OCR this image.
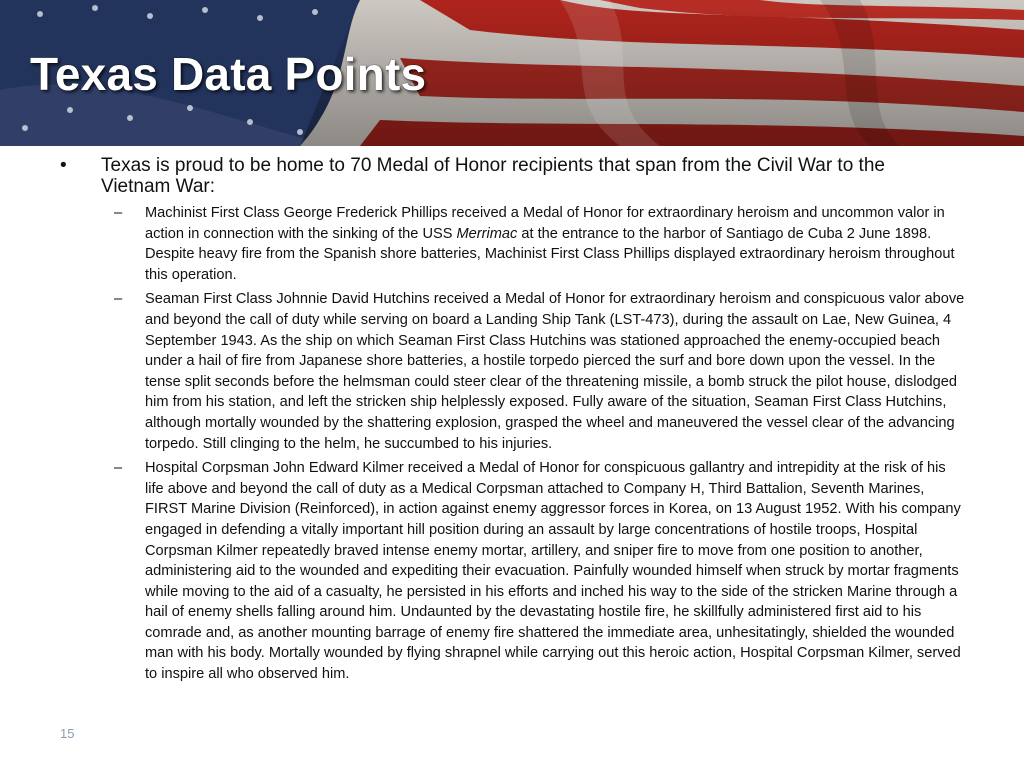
Texas Data Points
• Texas is proud to be home to 70 Medal of Honor recipients that span from the Civil War to the Vietnam War:
– Machinist First Class George Frederick Phillips received a Medal of Honor for extraordinary heroism and uncommon valor in action in connection with the sinking of the USS Merrimac at the entrance to the harbor of Santiago de Cuba 2 June 1898. Despite heavy fire from the Spanish shore batteries, Machinist First Class Phillips displayed extraordinary heroism throughout this operation.
– Seaman First Class Johnnie David Hutchins received a Medal of Honor for extraordinary heroism and conspicuous valor above and beyond the call of duty while serving on board a Landing Ship Tank (LST-473), during the assault on Lae, New Guinea, 4 September 1943. As the ship on which Seaman First Class Hutchins was stationed approached the enemy-occupied beach under a hail of fire from Japanese shore batteries, a hostile torpedo pierced the surf and bore down upon the vessel. In the tense split seconds before the helmsman could steer clear of the threatening missile, a bomb struck the pilot house, dislodged him from his station, and left the stricken ship helplessly exposed. Fully aware of the situation, Seaman First Class Hutchins, although mortally wounded by the shattering explosion, grasped the wheel and maneuvered the vessel clear of the advancing torpedo. Still clinging to the helm, he succumbed to his injuries.
– Hospital Corpsman John Edward Kilmer received a Medal of Honor for conspicuous gallantry and intrepidity at the risk of his life above and beyond the call of duty as a Medical Corpsman attached to Company H, Third Battalion, Seventh Marines, FIRST Marine Division (Reinforced), in action against enemy aggressor forces in Korea, on 13 August 1952. With his company engaged in defending a vitally important hill position during an assault by large concentrations of hostile troops, Hospital Corpsman Kilmer repeatedly braved intense enemy mortar, artillery, and sniper fire to move from one position to another, administering aid to the wounded and expediting their evacuation. Painfully wounded himself when struck by mortar fragments while moving to the aid of a casualty, he persisted in his efforts and inched his way to the side of the stricken Marine through a hail of enemy shells falling around him. Undaunted by the devastating hostile fire, he skillfully administered first aid to his comrade and, as another mounting barrage of enemy fire shattered the immediate area, unhesitatingly, shielded the wounded man with his body. Mortally wounded by flying shrapnel while carrying out this heroic action, Hospital Corpsman Kilmer, served to inspire all who observed him.
15
